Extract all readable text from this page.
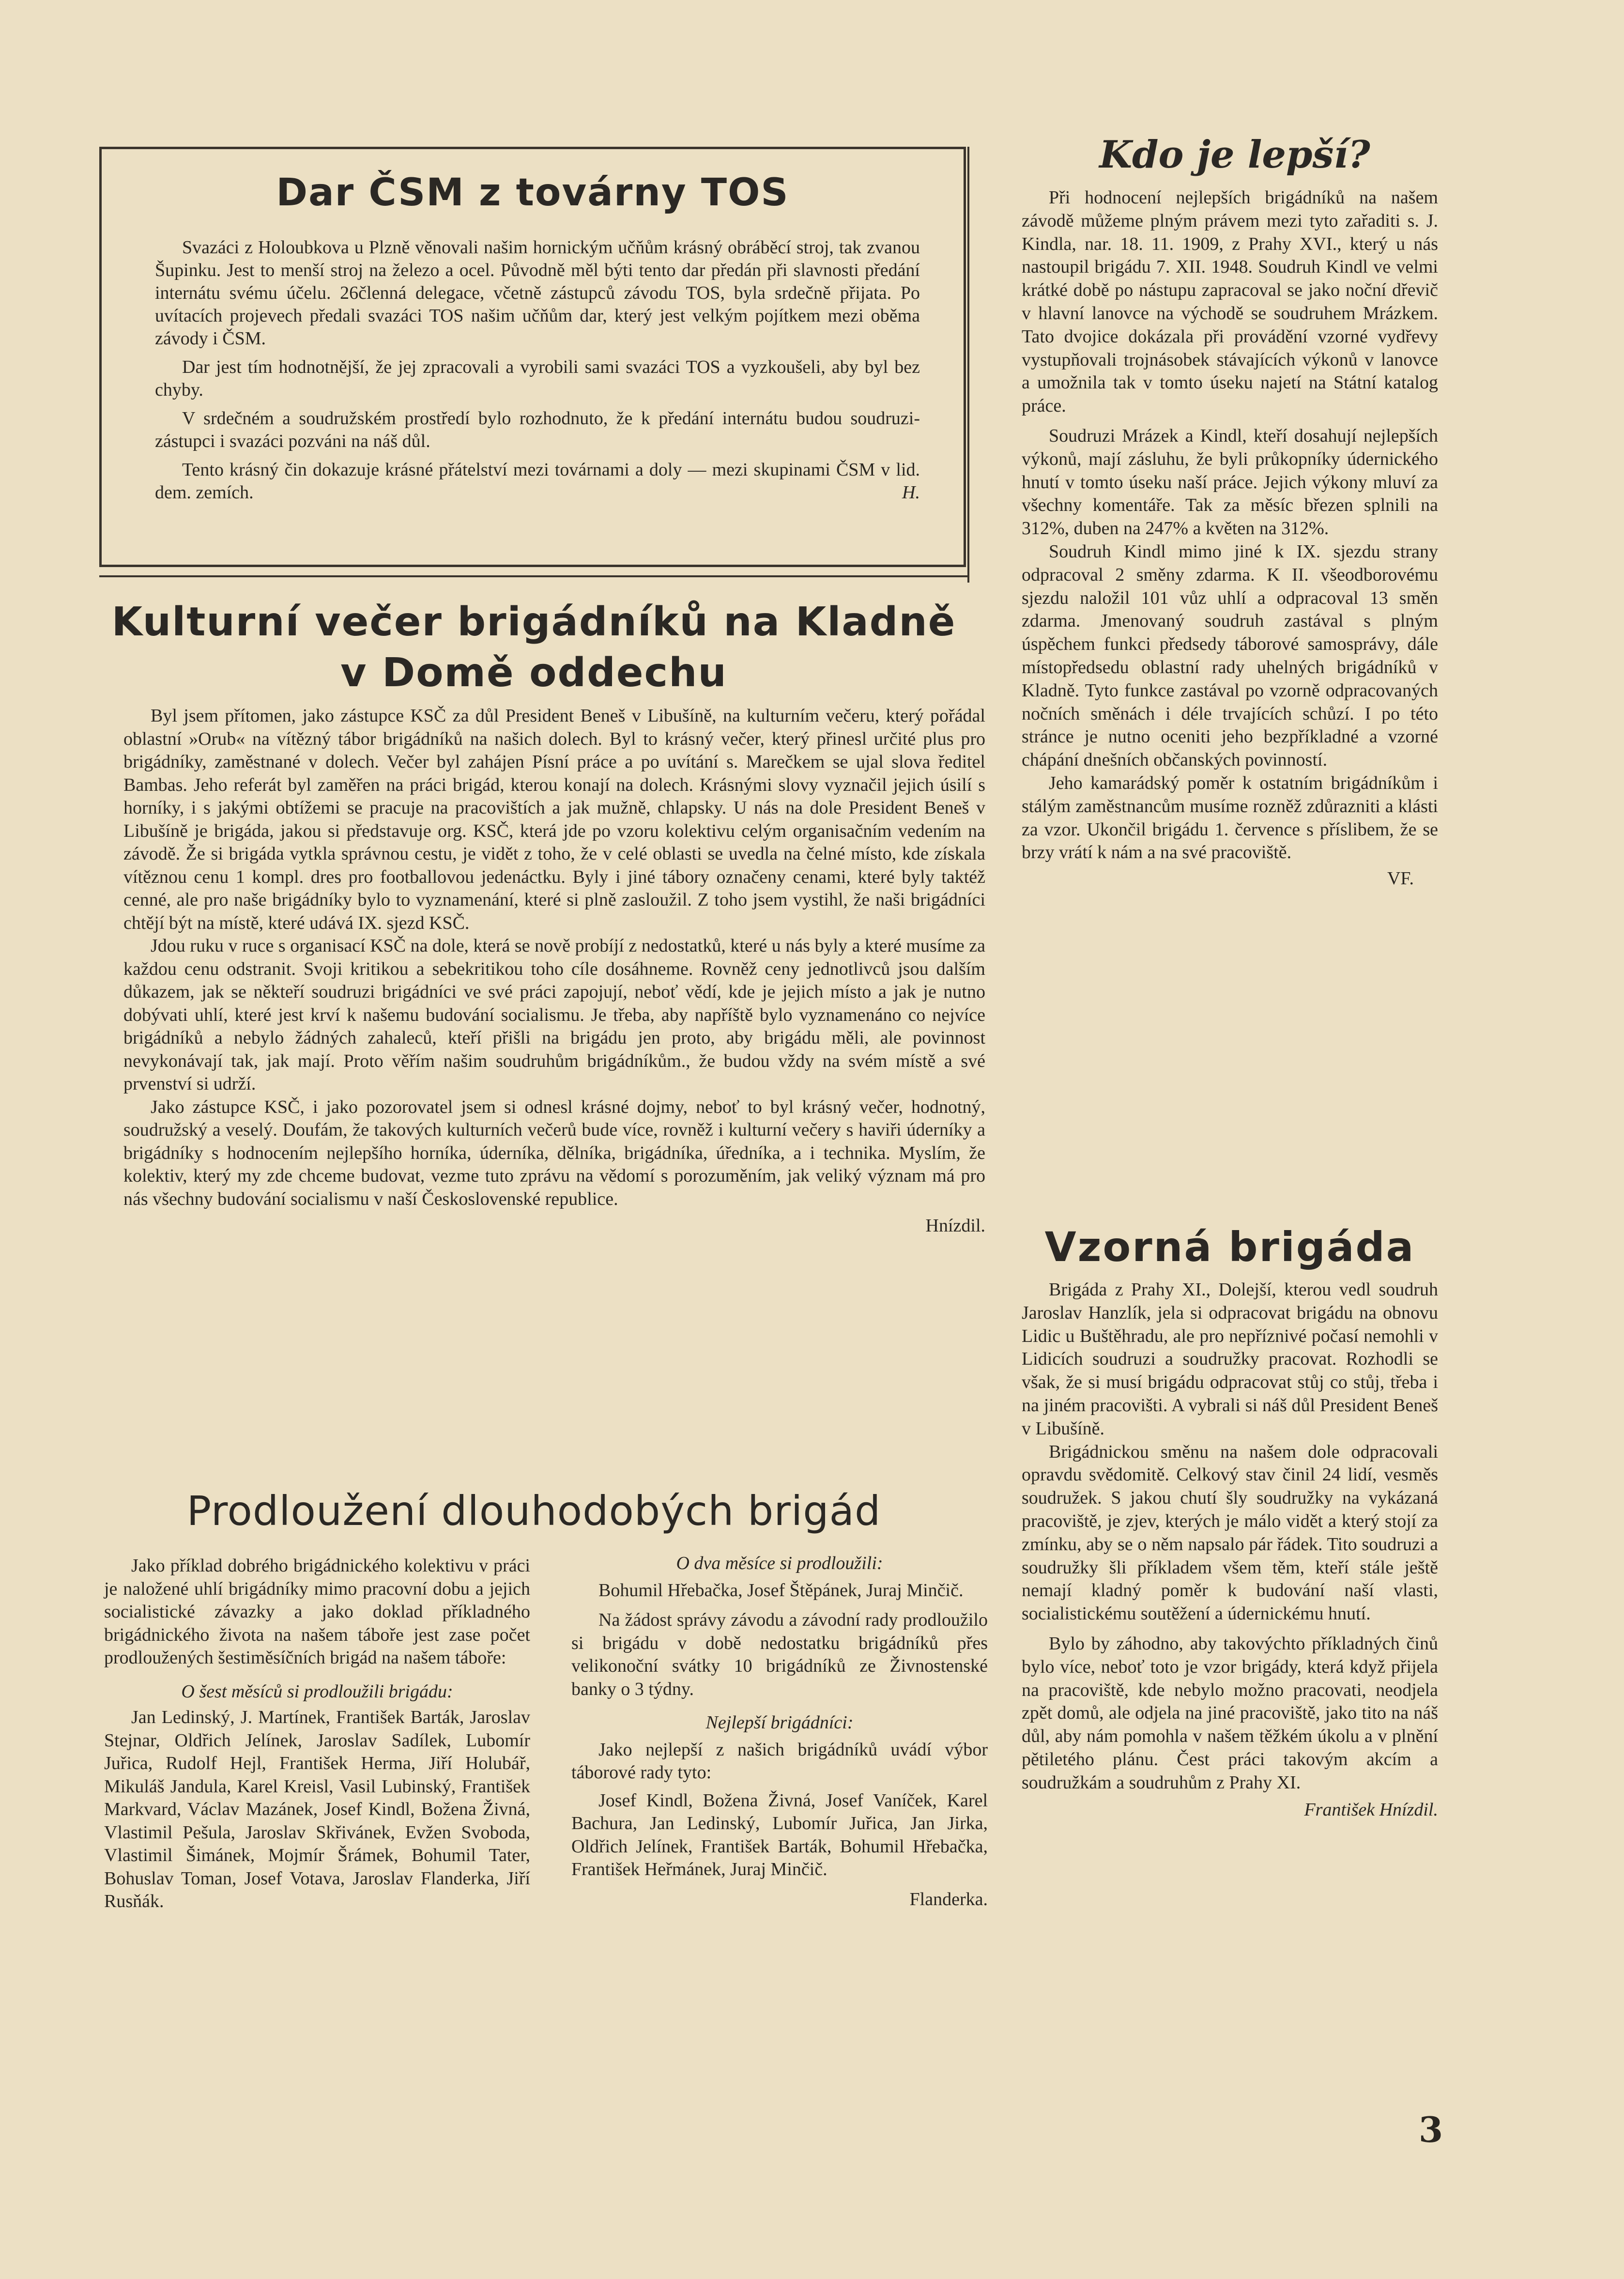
Dar ČSM z továrny TOS

Svazáci z Holoubkova u Plzně věnovali našim hornickým učňům krásný obráběcí stroj, tak zvanou Šupinku. Jest to menší stroj na železo a ocel. Původně měl býti tento dar předán při slavnosti předání internátu svému účelu. 26členná delegace, včetně zástupců závodu TOS, byla srdečně přijata. Po uvítacích projevech předali svazáci TOS našim učňům dar, který jest velkým pojítkem mezi oběma závody i ČSM.

Dar jest tím hodnotnější, že jej zpracovali a vyrobili sami svazáci TOS a vyzkoušeli, aby byl bez chyby.

V srdečném a soudružském prostředí bylo rozhodnuto, že k předání internátu budou soudruzi-zástupci i svazáci pozváni na náš důl.

Tento krásný čin dokazuje krásné přátelství mezi továrnami a doly — mezi skupinami ČSM v lid. dem. zemích.	H.

Kulturní večer brigádníků na Kladně
v Domě oddechu

Byl jsem přítomen, jako zástupce KSČ za důl President Beneš v Libušíně, na kulturním večeru, který pořádal oblastní »Orub« na vítězný tábor brigádníků na našich dolech. Byl to krásný večer, který přinesl určité plus pro brigádníky, zaměstnané v dolech. Večer byl zahájen Písní práce a po uvítání s. Marečkem se ujal slova ředitel Bambas. Jeho referát byl zaměřen na práci brigád, kterou konají na dolech. Krásnými slovy vyznačil jejich úsilí s horníky, i s jakými obtížemi se pracuje na pracovištích a jak mužně, chlapsky. U nás na dole President Beneš v Libušíně je brigáda, jakou si představuje org. KSČ, která jde po vzoru kolektivu celým organisačním vedením na závodě. Že si brigáda vytkla správnou cestu, je vidět z toho, že v celé oblasti se uvedla na čelné místo, kde získala vítěznou cenu 1 kompl. dres pro footballovou jedenáctku. Byly i jiné tábory označeny cenami, které byly taktéž cenné, ale pro naše brigádníky bylo to vyznamenání, které si plně zasloužil. Z toho jsem vystihl, že naši brigádníci chtějí být na místě, které udává IX. sjezd KSČ.

Jdou ruku v ruce s organisací KSČ na dole, která se nově probíjí z nedostatků, které u nás byly a které musíme za každou cenu odstranit. Svoji kritikou a sebekritikou toho cíle dosáhneme. Rovněž ceny jednotlivců jsou dalším důkazem, jak se někteří soudruzi brigádníci ve své práci zapojují, neboť vědí, kde je jejich místo a jak je nutno dobývati uhlí, které jest krví k našemu budování socialismu. Je třeba, aby napříště bylo vyznamenáno co nejvíce brigádníků a nebylo žádných zahaleců, kteří přišli na brigádu jen proto, aby brigádu měli, ale povinnost nevykonávají tak, jak mají. Proto věřím našim soudruhům brigádníkům., že budou vždy na svém místě a své prvenství si udrží.

Jako zástupce KSČ, i jako pozorovatel jsem si odnesl krásné dojmy, neboť to byl krásný večer, hodnotný, soudružský a veselý. Doufám, že takových kulturních večerů bude více, rovněž i kulturní večery s haviři úderníky a brigádníky s hodnocením nejlepšího horníka, úderníka, dělníka, brigádníka, úředníka, a i technika. Myslím, že kolektiv, který my zde chceme budovat, vezme tuto zprávu na vědomí s porozuměním, jak veliký význam má pro nás všechny budování socialismu v naší Československé republice.

Hnízdil.

Prodloužení dlouhodobých brigád

Jako příklad dobrého brigádnického kolektivu v práci je naložené uhlí brigádníky mimo pracovní dobu a jejich socialistické závazky a jako doklad příkladného brigádnického života na našem táboře jest zase počet prodloužených šestiměsíčních brigád na našem táboře:

O šest měsíců si prodloužili brigádu:

Jan Ledinský, J. Martínek, František Barták, Jaroslav Stejnar, Oldřich Jelínek, Jaroslav Sadílek, Lubomír Juřica, Rudolf Hejl, František Herma, Jiří Holubář, Mikuláš Jandula, Karel Kreisl, Vasil Lubinský, František Markvard, Václav Mazánek, Josef Kindl, Božena Živná, Vlastimil Pešula, Jaroslav Skřivánek, Evžen Svoboda, Vlastimil Šimánek, Mojmír Šrámek, Bohumil Tater, Bohuslav Toman, Josef Votava, Jaroslav Flanderka, Jiří Rusňák.

O dva měsíce si prodloužili:

Bohumil Hřebačka, Josef Štěpánek, Juraj Minčič.

Na žádost správy závodu a závodní rady prodloužilo si brigádu v době nedostatku brigádníků přes velikonoční svátky 10 brigádníků ze Živnostenské banky o 3 týdny.

Nejlepší brigádníci:

Jako nejlepší z našich brigádníků uvádí výbor táborové rady tyto:

Josef Kindl, Božena Živná, Josef Vaníček, Karel Bachura, Jan Ledinský, Lubomír Juřica, Jan Jirka, Oldřich Jelínek, František Barták, Bohumil Hřebačka, František Heřmánek, Juraj Minčič.

Flanderka.

Kdo je lepší?

Při hodnocení nejlepších brigádníků na našem závodě můžeme plným právem mezi tyto zařaditi s. J. Kindla, nar. 18. 11. 1909, z Prahy XVI., který u nás nastoupil brigádu 7. XII. 1948. Soudruh Kindl ve velmi krátké době po nástupu zapracoval se jako noční dřevič v hlavní lanovce na východě se soudruhem Mrázkem. Tato dvojice dokázala při provádění vzorné vydřevy vystupňovali trojnásobek stávajících výkonů v lanovce a umožnila tak v tomto úseku najetí na Státní katalog práce.

Soudruzi Mrázek a Kindl, kteří dosahují nejlepších výkonů, mají zásluhu, že byli průkopníky údernického hnutí v tomto úseku naší práce. Jejich výkony mluví za všechny komentáře. Tak za měsíc březen splnili na 312%, duben na 247% a květen na 312%.

Soudruh Kindl mimo jiné k IX. sjezdu strany odpracoval 2 směny zdarma. K II. všeodborovému sjezdu naložil 101 vůz uhlí a odpracoval 13 směn zdarma. Jmenovaný soudruh zastával s plným úspěchem funkci předsedy táborové samosprávy, dále místopředsedu oblastní rady uhelných brigádníků v Kladně. Tyto funkce zastával po vzorně odpracovaných nočních směnách i déle trvajících schůzí. I po této stránce je nutno oceniti jeho bezpříkladné a vzorné chápání dnešních občanských povinností.

Jeho kamarádský poměr k ostatním brigádníkům i stálým zaměstnancům musíme rozněž zdůrazniti a klásti za vzor. Ukončil brigádu 1. července s příslibem, že se brzy vrátí k nám a na své pracoviště.

VF.

Vzorná brigáda

Brigáda z Prahy XI., Dolejší, kterou vedl soudruh Jaroslav Hanzlík, jela si odpracovat brigádu na obnovu Lidic u Buštěhradu, ale pro nepříznivé počasí nemohli v Lidicích soudruzi a soudružky pracovat. Rozhodli se však, že si musí brigádu odpracovat stůj co stůj, třeba i na jiném pracovišti. A vybrali si náš důl President Beneš v Libušíně.

Brigádnickou směnu na našem dole odpracovali opravdu svědomitě. Celkový stav činil 24 lidí, vesměs soudružek. S jakou chutí šly soudružky na vykázaná pracoviště, je zjev, kterých je málo vidět a který stojí za zmínku, aby se o něm napsalo pár řádek. Tito soudruzi a soudružky šli příkladem všem těm, kteří stále ještě nemají kladný poměr k budování naší vlasti, socialistickému soutěžení a údernickému hnutí.

Bylo by záhodno, aby takovýchto příkladných činů bylo více, neboť toto je vzor brigády, která když přijela na pracoviště, kde nebylo možno pracovati, neodjela zpět domů, ale odjela na jiné pracoviště, jako tito na náš důl, aby nám pomohla v našem těžkém úkolu a v plnění pětiletého plánu. Čest práci takovým akcím a soudružkám a soudruhům z Prahy XI.

František Hnízdil.

3
